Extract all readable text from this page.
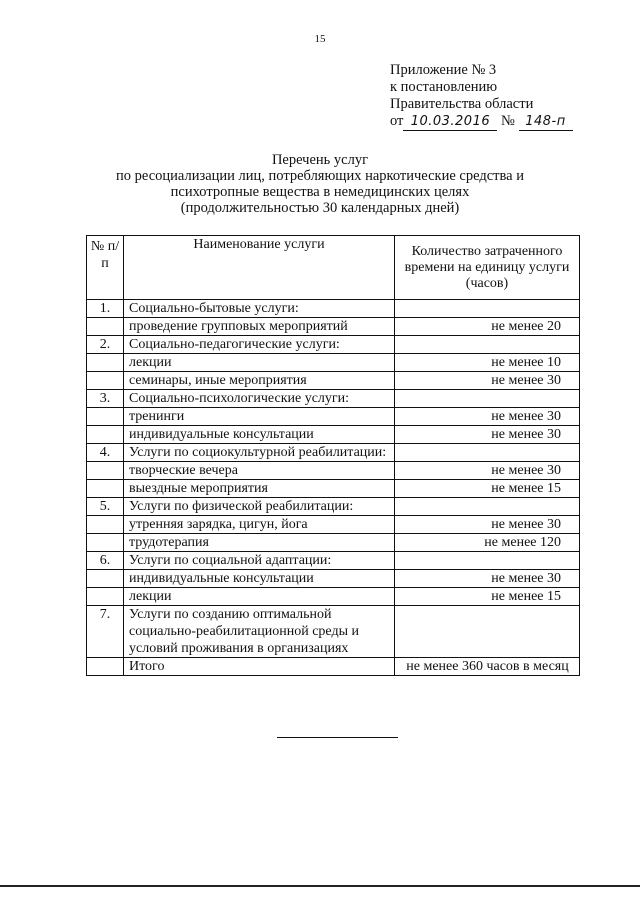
15
Приложение № 3
к постановлению
Правительства области
от 10.03.2016 № 148-п
Перечень услуг
по ресоциализации лиц, потребляющих наркотические средства и
психотропные вещества в немедицинских целях
(продолжительностью 30 календарных дней)
№ п/п	Наименование услуги	Количество затраченного времени на единицу услуги (часов)
1.	Социально-бытовые услуги:	
	проведение групповых мероприятий	не менее 20
2.	Социально-педагогические услуги:	
	лекции	не менее 10
	семинары, иные мероприятия	не менее 30
3.	Социально-психологические услуги:	
	тренинги	не менее 30
	индивидуальные консультации	не менее 30
4.	Услуги по социокультурной реабилитации:	
	творческие вечера	не менее 30
	выездные мероприятия	не менее 15
5.	Услуги по физической реабилитации:	
	утренняя зарядка, цигун, йога	не менее 30
	трудотерапия	не менее 120
6.	Услуги по социальной адаптации:	
	индивидуальные консультации	не менее 30
	лекции	не менее 15
7.	Услуги по созданию оптимальной социально-реабилитационной среды и условий проживания в организациях	
	Итого	не менее 360 часов в месяц
